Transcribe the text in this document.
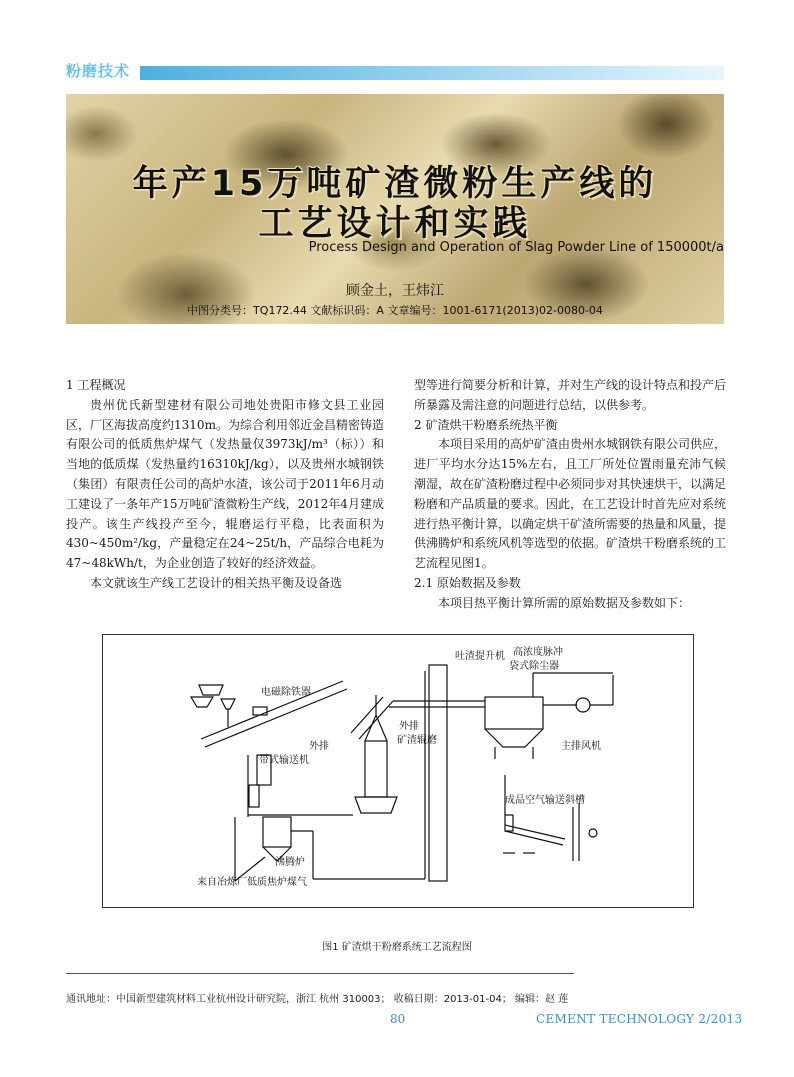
粉磨技术
年产15万吨矿渣微粉生产线的
工艺设计和实践
Process Design and Operation of Slag Powder Line of 150000t/a
顾金土，王炜江
中图分类号：TQ172.44 文献标识码：A 文章编号：1001-6171(2013)02-0080-04

1 工程概况

贵州优氏新型建材有限公司地处贵阳市修文县工业园区，厂区海拔高度约1310m。为综合利用邻近金昌精密铸造有限公司的低质焦炉煤气（发热量仅3973kJ/m³（标））和当地的低质煤（发热量约16310kJ/kg），以及贵州水城钢铁（集团）有限责任公司的高炉水渣，该公司于2011年6月动工建设了一条年产15万吨矿渣微粉生产线，2012年4月建成投产。该生产线投产至今，辊磨运行平稳，比表面积为430~450m²/kg，产量稳定在24~25t/h，产品综合电耗为47~48kWh/t，为企业创造了较好的经济效益。

本文就该生产线工艺设计的相关热平衡及设备选

型等进行简要分析和计算，并对生产线的设计特点和投产后所暴露及需注意的问题进行总结，以供参考。

2 矿渣烘干粉磨系统热平衡

本项目采用的高炉矿渣由贵州水城钢铁有限公司供应，进厂平均水分达15%左右，且工厂所处位置雨量充沛气候潮湿，故在矿渣粉磨过程中必须同步对其快速烘干，以满足粉磨和产品质量的要求。因此，在工艺设计时首先应对系统进行热平衡计算，以确定烘干矿渣所需要的热量和风量，提供沸腾炉和系统风机等选型的依据。矿渣烘干粉磨系统的工艺流程见图1。

2.1 原始数据及参数

本项目热平衡计算所需的原始数据及参数如下：

电磁除铁器
带式输送机
外排
外排
矿渣辊磨
吐渣提升机 高浓度脉冲
袋式除尘器
主排风机
成品空气输送斜槽
沸腾炉
来自冶炼厂低质焦炉煤气
图1 矿渣烘干粉磨系统工艺流程图
通讯地址：中国新型建筑材料工业杭州设计研究院，浙江 杭州 310003； 收稿日期：2013-01-04； 编辑：赵 莲
80	CEMENT TECHNOLOGY 2/2013
